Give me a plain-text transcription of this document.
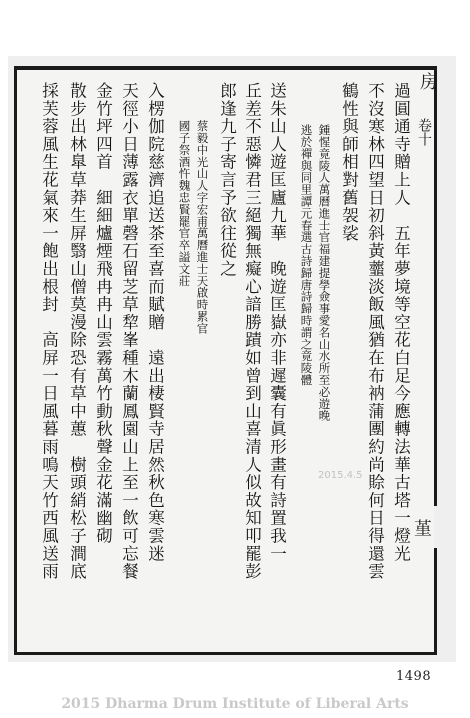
房
卷十
堇
過圓通寺贈上人　五年夢境等空花白足今應轉法華古塔一燈光
不沒寒林四望日初斜黃虀淡飯風猶在布衲蒲團約尚賒何日得還雲
鶴性與師相對舊袈裟
鍾惺竟陵人萬曆進士官福建提學僉事愛名山水所至必遊晚
逃於禪與同里譚元春選古詩歸唐詩歸時謂之竟陵體
送朱山人遊匡廬九華　晚遊匡嶽亦非遲囊有眞形畫有詩置我一
丘差不惡憐君三絕獨無癡心諳勝蹟如曾到山喜清人似故知叩罷彭
郎逢九子寄言予欲往從之
蔡毅中光山人字宏甫萬曆進士天啟時累官
國子祭酒忤魏忠賢罷官卒謚文莊
入楞伽院慈濟追送茶至喜而賦贈　遠出棲賢寺居然秋色寒雲迷
天徑小日薄露衣單磬石留芝草犂峯種木蘭鳳園山上至一飲可忘餐
金竹坪四首　細細爐煙飛冉冉山雲霧萬竹動秋聲金花滿幽砌
散步出林臯草莽生屏翳山僧莫漫除恐有草中蕙　樹頭綃松子澗底
採芙蓉風生花氣來一飽出根封　高屏一日風暮雨鳴天竹西風送雨	2015.4.5
1498
2015 Dharma Drum Institute of Liberal Arts
